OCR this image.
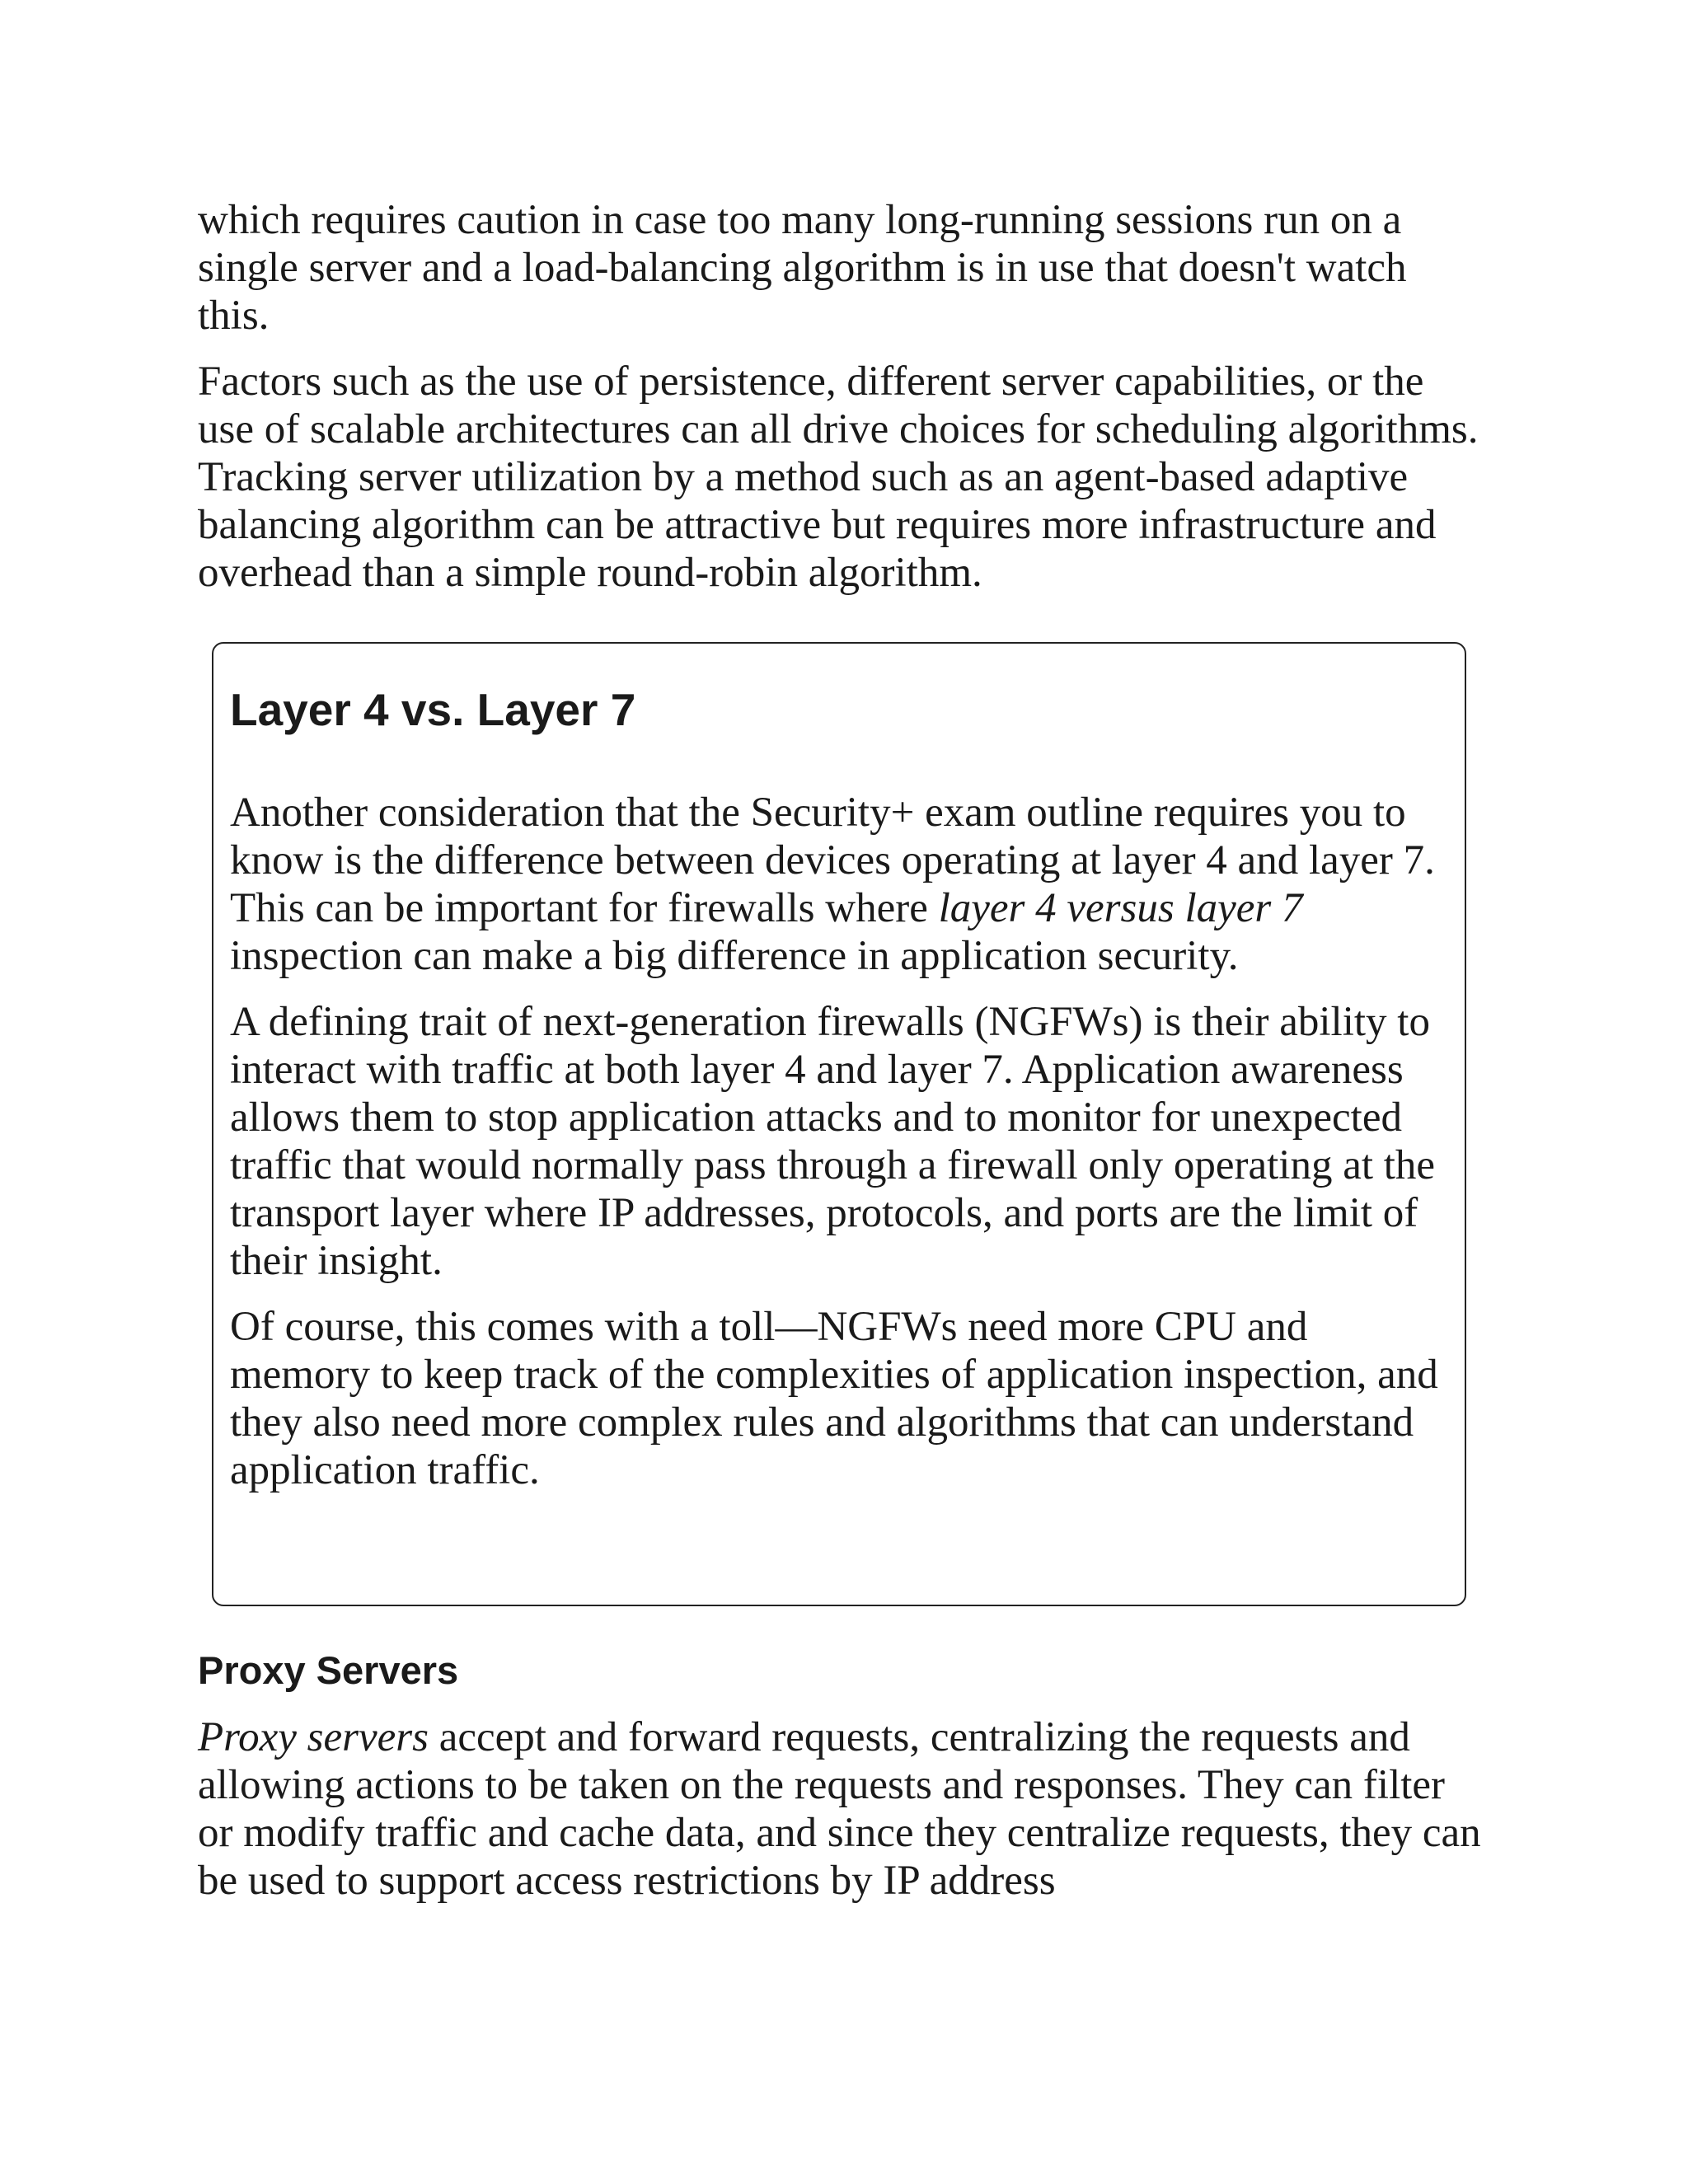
which requires caution in case too many long-running sessions run on a single server and a load-balancing algorithm is in use that doesn't watch this.

Factors such as the use of persistence, different server capabilities, or the use of scalable architectures can all drive choices for scheduling algorithms. Tracking server utilization by a method such as an agent-based adaptive balancing algorithm can be attractive but requires more infrastructure and overhead than a simple round-robin algorithm.

Layer 4 vs. Layer 7

Another consideration that the Security+ exam outline requires you to know is the difference between devices operating at layer 4 and layer 7. This can be important for firewalls where layer 4 versus layer 7 inspection can make a big difference in application security.

A defining trait of next-generation firewalls (NGFWs) is their ability to interact with traffic at both layer 4 and layer 7. Application awareness allows them to stop application attacks and to monitor for unexpected traffic that would normally pass through a firewall only operating at the transport layer where IP addresses, protocols, and ports are the limit of their insight.

Of course, this comes with a toll—NGFWs need more CPU and memory to keep track of the complexities of application inspection, and they also need more complex rules and algorithms that can understand application traffic.

Proxy Servers

Proxy servers accept and forward requests, centralizing the requests and allowing actions to be taken on the requests and responses. They can filter or modify traffic and cache data, and since they centralize requests, they can be used to support access restrictions by IP address
